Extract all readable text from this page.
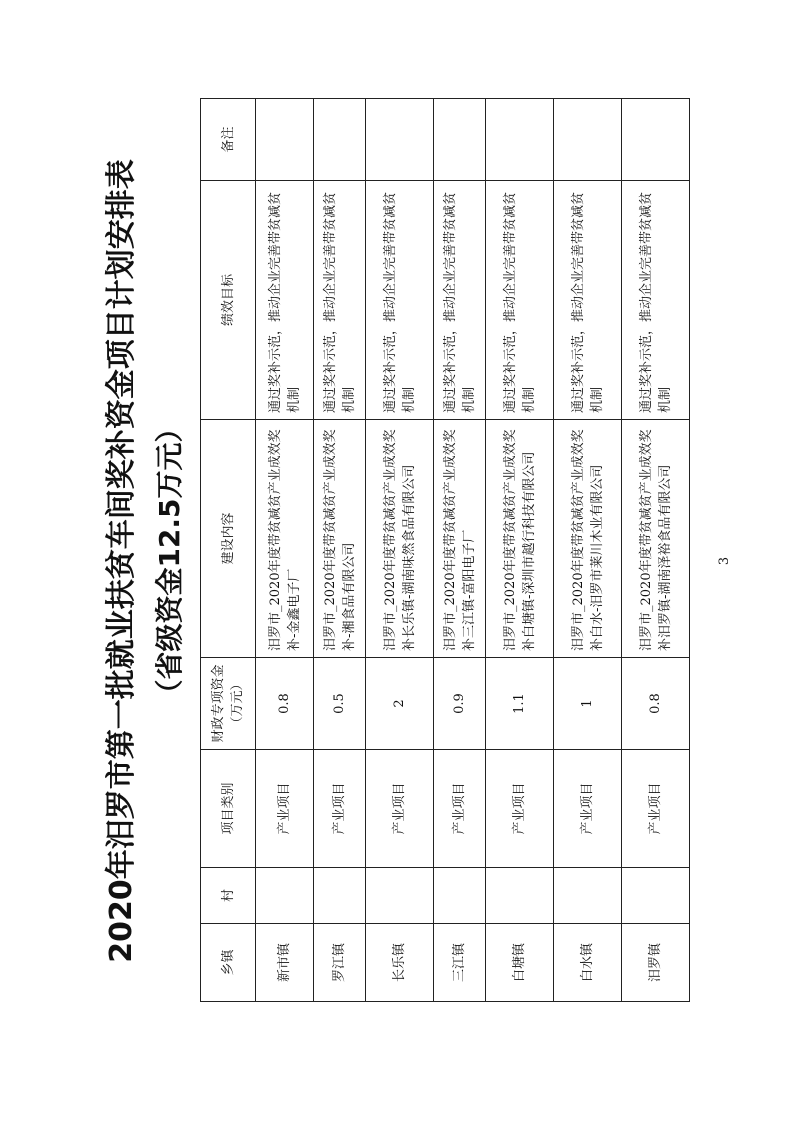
2020年汨罗市第一批就业扶贫车间奖补资金项目计划安排表 （省级资金12.5万元）
乡镇	村	项目类别	财政专项资金 （万元）	建设内容	绩效目标	备注
新市镇		产业项目	0.8	汨罗市_2020年度带贫减贫产业成效奖补-金鑫电子厂	通过奖补示范，推动企业完善带贫减贫机制	
罗江镇		产业项目	0.5	汨罗市_2020年度带贫减贫产业成效奖补-湘食品有限公司	通过奖补示范，推动企业完善带贫减贫机制	
长乐镇		产业项目	2	汨罗市_2020年度带贫减贫产业成效奖补长乐镇-湖南味然食品有限公司	通过奖补示范，推动企业完善带贫减贫机制	
三江镇		产业项目	0.9	汨罗市_2020年度带贫减贫产业成效奖补三江镇-富阳电子厂	通过奖补示范，推动企业完善带贫减贫机制	
白塘镇		产业项目	1.1	汨罗市_2020年度带贫减贫产业成效奖补白塘镇-深圳市越行科技有限公司	通过奖补示范，推动企业完善带贫减贫机制	
白水镇		产业项目	1	汨罗市_2020年度带贫减贫产业成效奖补白水-汨罗市莱川木业有限公司	通过奖补示范，推动企业完善带贫减贫机制	
汨罗镇		产业项目	0.8	汨罗市_2020年度带贫减贫产业成效奖补汨罗镇-湖南泽裕食品有限公司	通过奖补示范，推动企业完善带贫减贫机制	
3
